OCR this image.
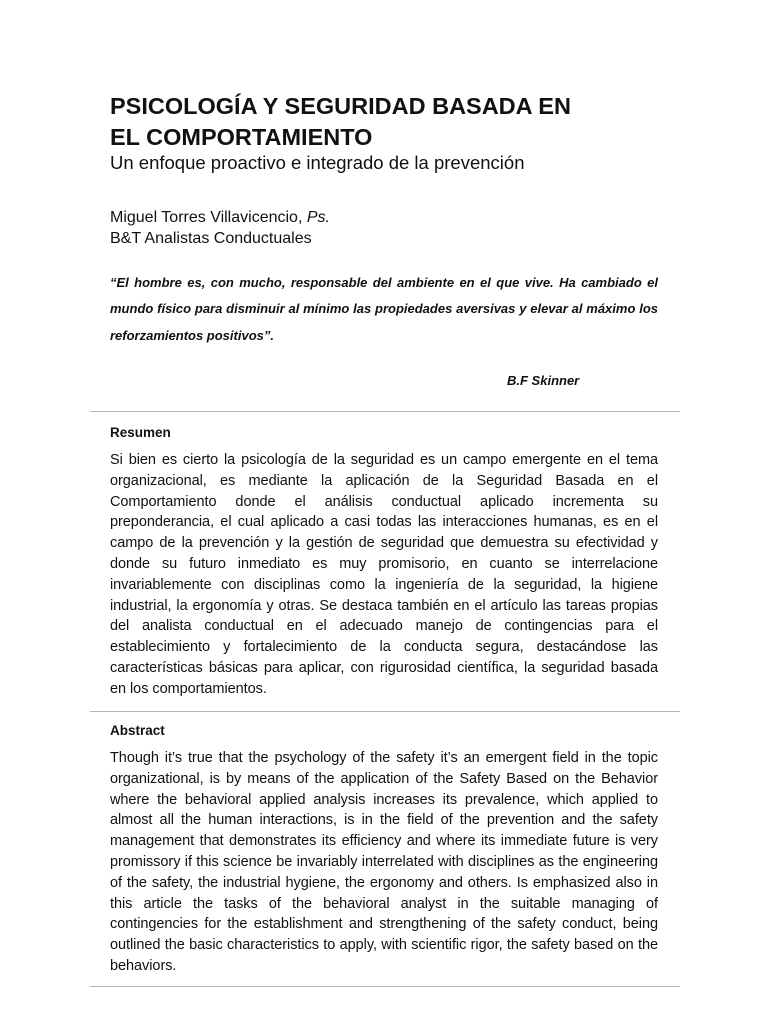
PSICOLOGÍA Y SEGURIDAD BASADA EN
EL COMPORTAMIENTO

Un enfoque proactivo e integrado de la prevención

Miguel Torres Villavicencio, Ps.
B&T Analistas Conductuales

“El hombre es, con mucho, responsable del ambiente en el que vive. Ha cambiado el mundo físico para disminuir al mínimo las propiedades aversivas y elevar al máximo los reforzamientos positivos”.

B.F Skinner
Resumen

Si bien es cierto la psicología de la seguridad es un campo emergente en el tema organizacional, es mediante la aplicación de la Seguridad Basada en el Comportamiento donde el análisis conductual aplicado incrementa su preponderancia, el cual aplicado a casi todas las interacciones humanas, es en el campo de la prevención y la gestión de seguridad que demuestra su efectividad y donde su futuro inmediato es muy promisorio, en cuanto se interrelacione invariablemente con disciplinas como la ingeniería de la seguridad, la higiene industrial, la ergonomía y otras. Se destaca también en el artículo las tareas propias del analista conductual en el adecuado manejo de contingencias para el establecimiento y fortalecimiento de la conducta segura, destacándose las características básicas para aplicar, con rigurosidad científica, la seguridad basada en los comportamientos.

Abstract

Though it’s true that the psychology of the safety it’s an emergent field in the topic organizational, is by means of the application of the Safety Based on the Behavior where the behavioral applied analysis increases its prevalence, which applied to almost all the human interactions, is in the field of the prevention and the safety management that demonstrates its efficiency and where its immediate future is very promissory if this science be invariably interrelated with disciplines as the engineering of the safety, the industrial hygiene, the ergonomy and others. Is emphasized also in this article the tasks of the behavioral analyst in the suitable managing of contingencies for the establishment and strengthening of the safety conduct, being outlined the basic characteristics to apply, with scientific rigor, the safety based on the behaviors.
